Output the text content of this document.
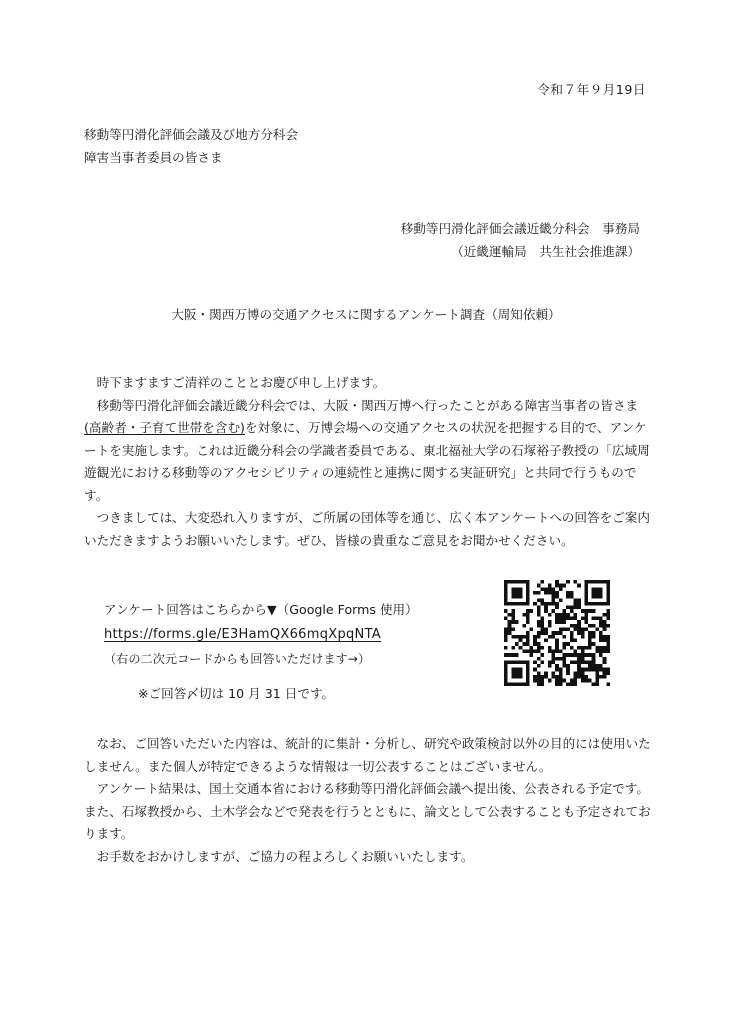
令和７年９月19日
移動等円滑化評価会議及び地方分科会
障害当事者委員の皆さま
移動等円滑化評価会議近畿分科会　事務局
（近畿運輸局　共生社会推進課）
大阪・関西万博の交通アクセスに関するアンケート調査（周知依頼）

時下ますますご清祥のこととお慶び申し上げます。

移動等円滑化評価会議近畿分科会では、大阪・関西万博へ行ったことがある障害当事者の皆さま(高齢者・子育て世帯を含む)を対象に、万博会場への交通アクセスの状況を把握する目的で、アンケートを実施します。これは近畿分科会の学識者委員である、東北福祉大学の石塚裕子教授の「広域周遊観光における移動等のアクセシビリティの連続性と連携に関する実証研究」と共同で行うものです。

つきましては、大変恐れ入りますが、ご所属の団体等を通じ、広く本アンケートへの回答をご案内いただきますようお願いいたします。ぜひ、皆様の貴重なご意見をお聞かせください。

アンケート回答はこちらから▼（Google Forms 使用）
https://forms.gle/E3HamQX66mqXpqNTA
（右の二次元コードからも回答いただけます→）
※ご回答〆切は 10 月 31 日です。

なお、ご回答いただいた内容は、統計的に集計・分析し、研究や政策検討以外の目的には使用いたしません。また個人が特定できるような情報は一切公表することはございません。

アンケート結果は、国土交通本省における移動等円滑化評価会議へ提出後、公表される予定です。また、石塚教授から、土木学会などで発表を行うとともに、論文として公表することも予定されております。

お手数をおかけしますが、ご協力の程よろしくお願いいたします。
